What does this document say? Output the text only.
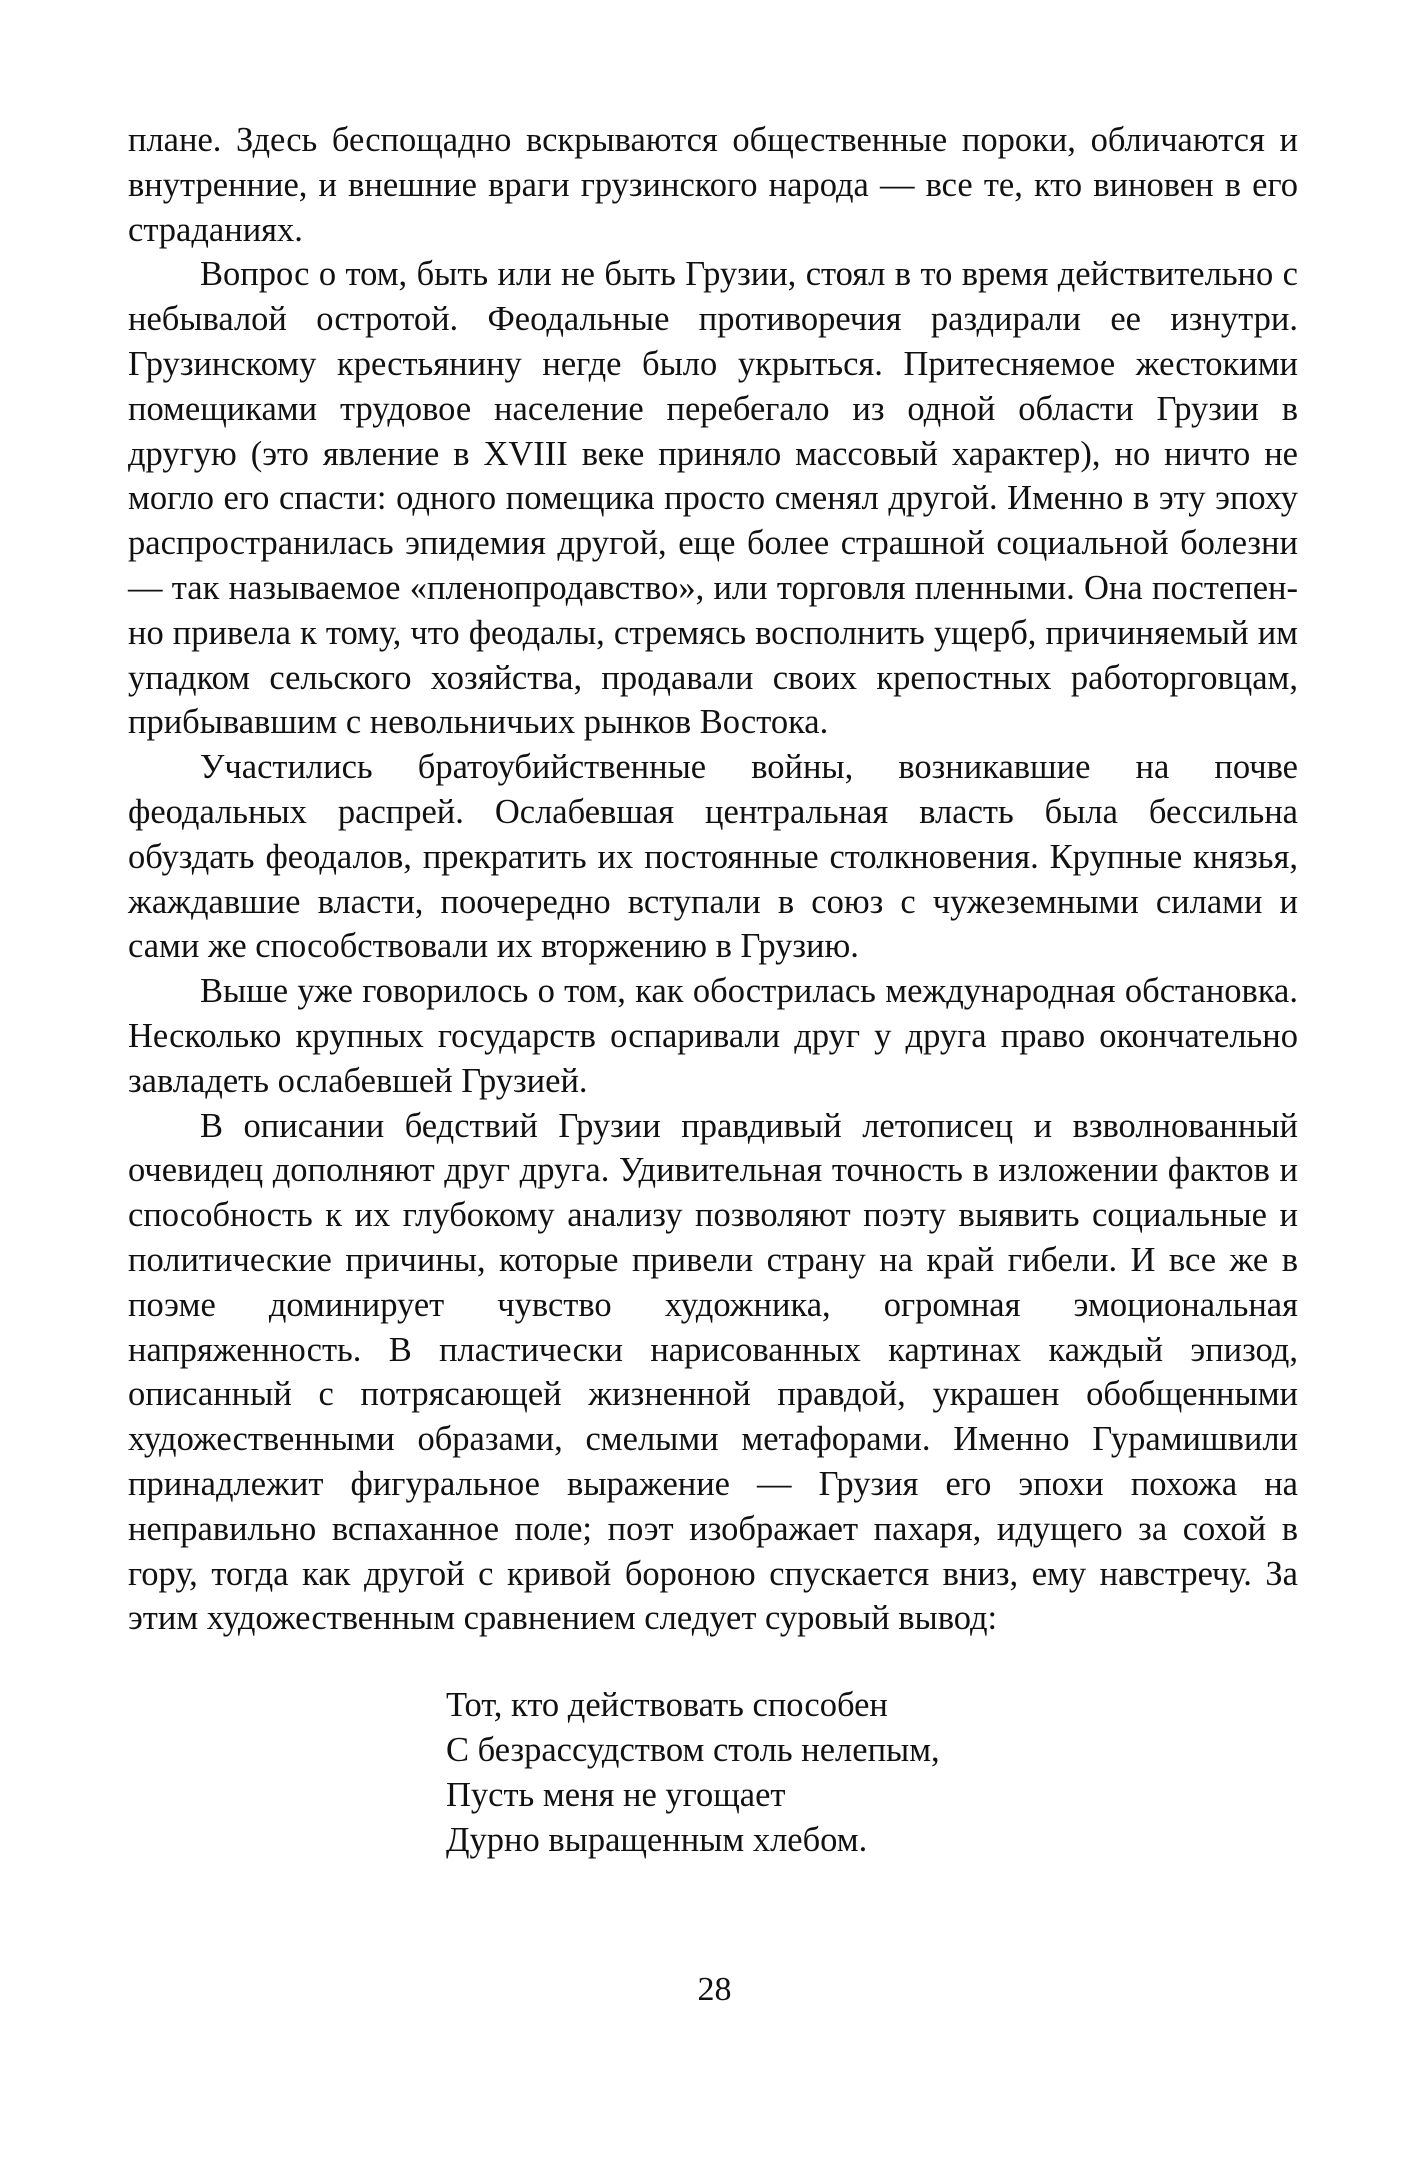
плане. Здесь беспощадно вскрываются общественные пороки, обличаются и внутренние, и внешние враги грузинского народа — все те, кто виновен в его страданиях.

Вопрос о том, быть или не быть Грузии, стоял в то время действительно с небывалой остротой. Феодальные противоречия раздирали ее изнутри. Грузинскому крестьянину негде было укрыться. Притесняемое жестокими помещиками трудовое население перебегало из одной области Грузии в другую (это явление в XVIII веке приняло массовый характер), но ничто не могло его спасти: одного помещика просто сменял другой. Именно в эту эпоху распространилась эпидемия другой, еще более страшной социальной болезни — так называемое «пленопродавство», или торговля пленными. Она постепенно привела к тому, что феодалы, стремясь восполнить ущерб, причиняемый им упадком сельского хозяйства, продавали своих крепостных работорговцам, прибывавшим с невольничьих рынков Востока.

Участились братоубийственные войны, возникавшие на почве феодальных распрей. Ослабевшая центральная власть была бессильна обуздать феодалов, прекратить их постоянные столкновения. Крупные князья, жаждавшие власти, поочередно вступали в союз с чужеземными силами и сами же способствовали их вторжению в Грузию.

Выше уже говорилось о том, как обострилась международная обстановка. Несколько крупных государств оспаривали друг у друга право окончательно завладеть ослабевшей Грузией.

В описании бедствий Грузии правдивый летописец и взволнованный очевидец дополняют друг друга. Удивительная точность в изложении фактов и способность к их глубокому анализу позволяют поэту выявить социальные и политические причины, которые привели страну на край гибели. И все же в поэме доминирует чувство художника, огромная эмоциональная напряженность. В пластически нарисованных картинах каждый эпизод, описанный с потрясающей жизненной правдой, украшен обобщенными художественными образами, смелыми метафорами. Именно Гурамишвили принадлежит фигуральное выражение — Грузия его эпохи похожа на неправильно вспаханное поле; поэт изображает пахаря, идущего за сохой в гору, тогда как другой с кривой бороною спускается вниз, ему навстречу. За этим художественным сравнением следует суровый вывод:

Тот, кто действовать способен
С безрассудством столь нелепым,
Пусть меня не угощает
Дурно выращенным хлебом.
28
